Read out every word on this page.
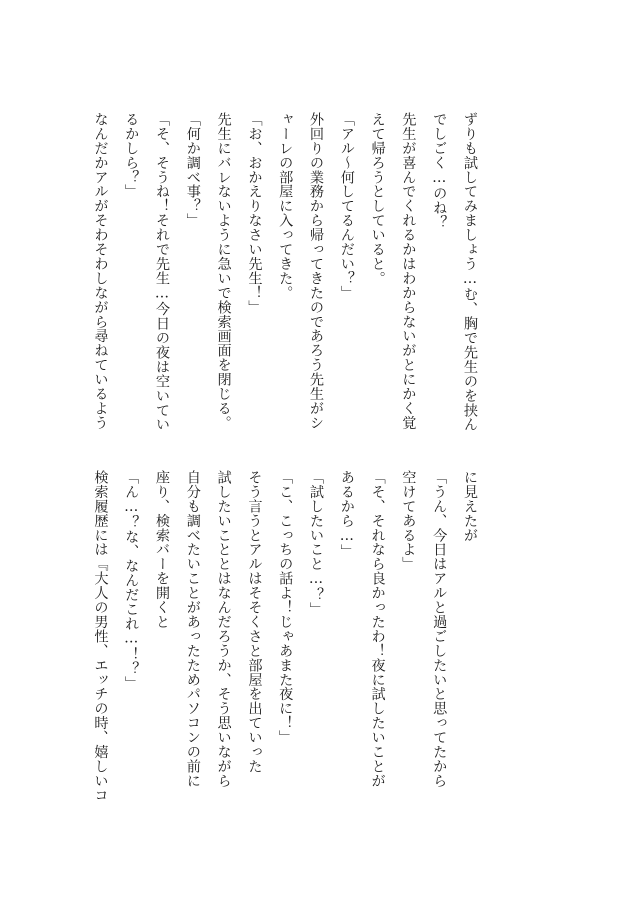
ずりも試してみましょう…む、胸で先生のを挟ん
でしごく…のね？
先生が喜んでくれるかはわからないがとにかく覚
えて帰ろうとしていると。
「アル～何してるんだい？」
外回りの業務から帰ってきたのであろう先生がシ
ャーレの部屋に入ってきた。
「お、おかえりなさい先生！」
先生にバレないように急いで検索画面を閉じる。
「何か調べ事？」
「そ、そうね！それで先生…今日の夜は空いてい
るかしら？」
なんだかアルがそわそわしながら尋ねているよう
に見えたが
「うん、今日はアルと過ごしたいと思ってたから
空けてあるよ」
「そ、それなら良かったわ！夜に試したいことが
あるから…」
「試したいこと…？」
「こ、こっちの話よ！じゃあまた夜に！」
そう言うとアルはそそくさと部屋を出ていった
試したいこととはなんだろうか、そう思いながら
自分も調べたいことがあったためパソコンの前に
座り、検索バーを開くと
「ん…？な、なんだこれ…！？」
検索履歴には『大人の男性、エッチの時、嬉しいコ
